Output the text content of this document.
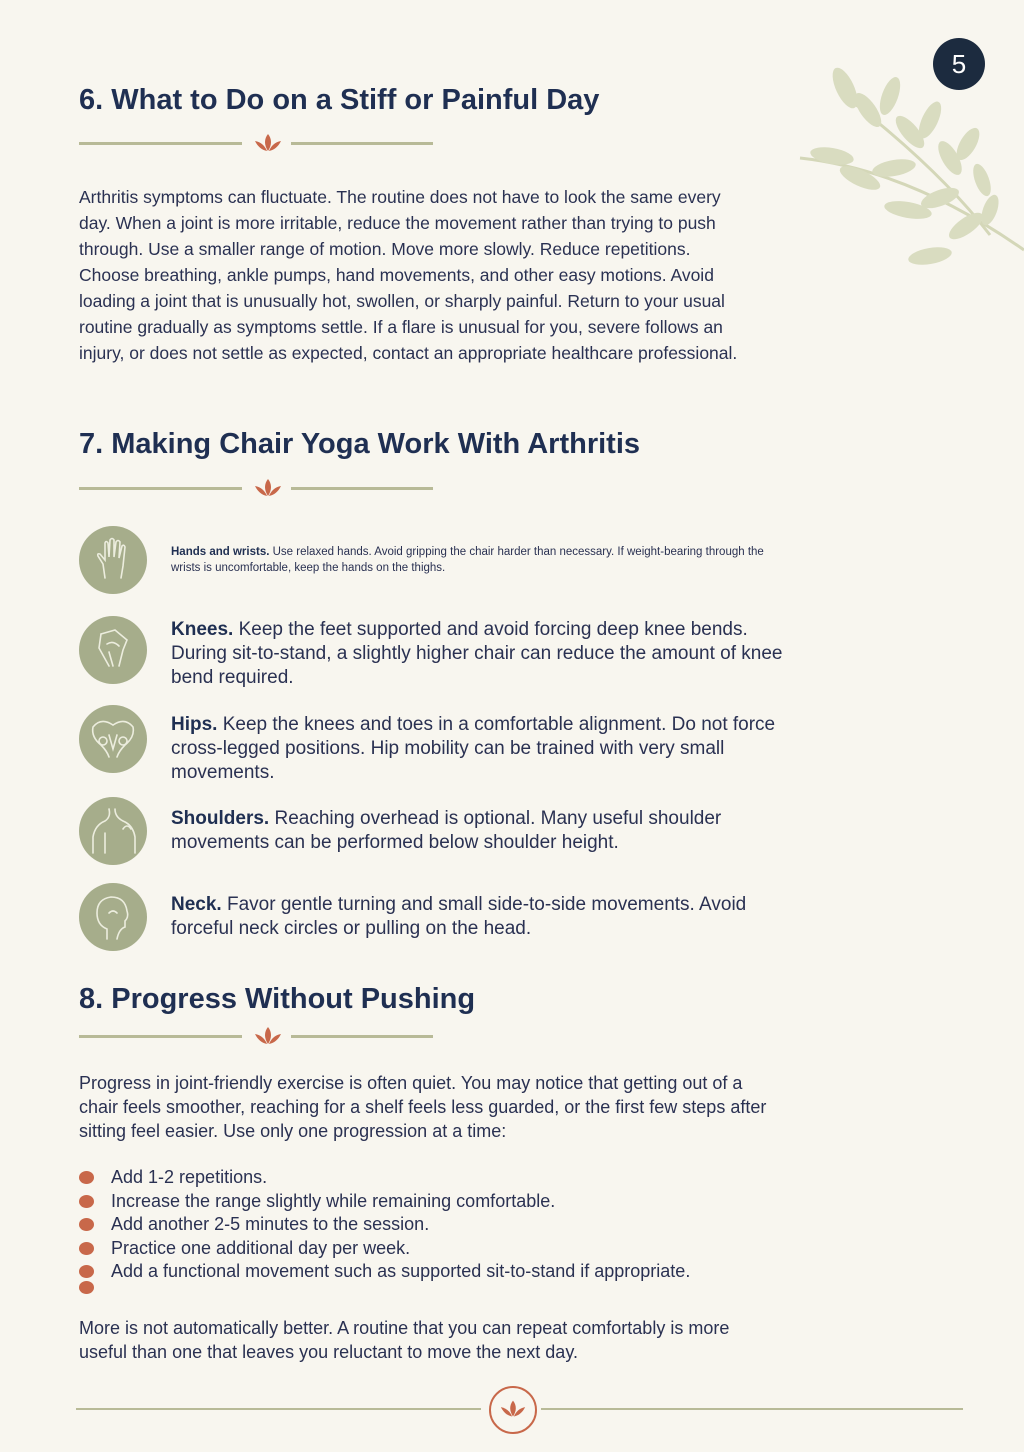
5
6. What to Do on a Stiff or Painful Day

Arthritis symptoms can fluctuate. The routine does not have to look the same every day. When a joint is more irritable, reduce the movement rather than trying to push through. Use a smaller range of motion. Move more slowly. Reduce repetitions. Choose breathing, ankle pumps, hand movements, and other easy motions. Avoid loading a joint that is unusually hot, swollen, or sharply painful. Return to your usual routine gradually as symptoms settle. If a flare is unusual for you, severe follows an injury, or does not settle as expected, contact an appropriate healthcare professional.

7. Making Chair Yoga Work With Arthritis
Hands and wrists. Use relaxed hands. Avoid gripping the chair harder than necessary. If weight-bearing through the wrists is uncomfortable, keep the hands on the thighs.
Knees. Keep the feet supported and avoid forcing deep knee bends. During sit-to-stand, a slightly higher chair can reduce the amount of knee bend required.
Hips. Keep the knees and toes in a comfortable alignment. Do not force cross-legged positions. Hip mobility can be trained with very small movements.
Shoulders. Reaching overhead is optional. Many useful shoulder movements can be performed below shoulder height.
Neck. Favor gentle turning and small side-to-side movements. Avoid forceful neck circles or pulling on the head.
8. Progress Without Pushing

Progress in joint-friendly exercise is often quiet. You may notice that getting out of a chair feels smoother, reaching for a shelf feels less guarded, or the first few steps after sitting feel easier. Use only one progression at a time:

Add 1-2 repetitions.
Increase the range slightly while remaining comfortable.
Add another 2-5 minutes to the session.
Practice one additional day per week.
Add a functional movement such as supported sit-to-stand if appropriate.

More is not automatically better. A routine that you can repeat comfortably is more useful than one that leaves you reluctant to move the next day.
